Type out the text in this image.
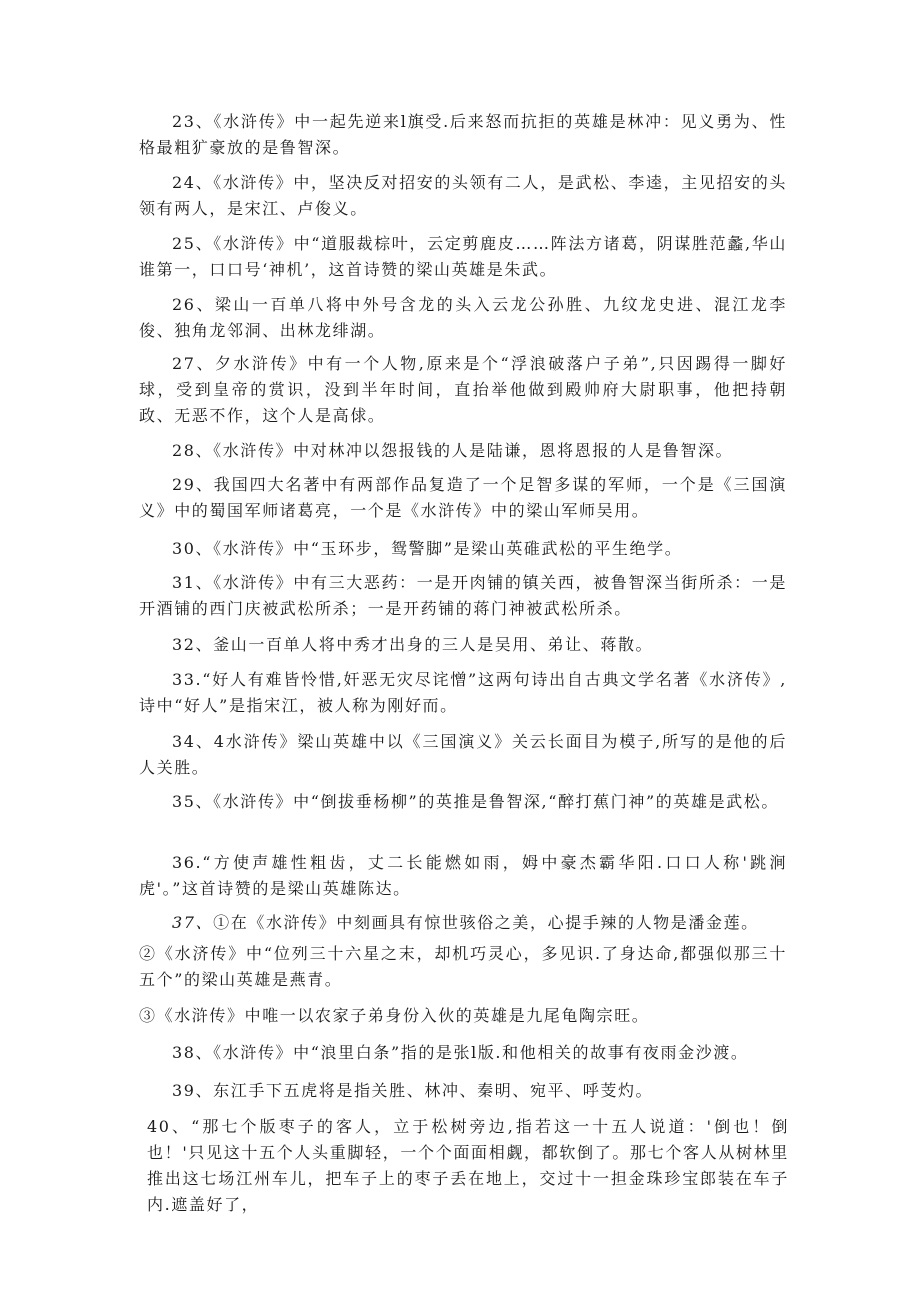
23、《水浒传》中一起先逆来l旗受.后来怒而抗拒的英雄是林冲：见义勇为、性格最粗犷豪放的是鲁智深。

24、《水浒传》中，坚决反对招安的头领有二人，是武松、李逵，主见招安的头领有两人，是宋江、卢俊义。

25、《水浒传》中“道服裁棕叶，云定剪鹿皮……阵法方诸葛，阴谋胜范蠡,华山谁第一，口口号‘神机’，这首诗赞的梁山英雄是朱武。

26、梁山一百单八将中外号含龙的头入云龙公孙胜、九纹龙史进、混江龙李俊、独角龙邻洞、出林龙绯湖。

27、夕水浒传》中有一个人物,原来是个“浮浪破落户子弟”,只因踢得一脚好球，受到皇帝的赏识，没到半年时间，直抬举他做到殿帅府大尉职事，他把持朝政、无恶不作，这个人是高俅。

28、《水浒传》中对林冲以怨报钱的人是陆谦，恩将恩报的人是鲁智深。

29、我国四大名著中有两部作品复造了一个足智多谋的军师，一个是《三国演义》中的蜀国军师诸葛亮，一个是《水浒传》中的梁山军师吴用。

30、《水浒传》中“玉环步，鸳警脚”是梁山英碓武松的平生绝学。

31、《水浒传》中有三大恶药：一是开肉铺的镇关西，被鲁智深当街所杀：一是开酒铺的西门庆被武松所杀；一是开药铺的蒋门神被武松所杀。

32、釜山一百单人将中秀才出身的三人是吴用、弟让、蒋散。

33.“好人有难皆怜惜,奸恶无灾尽诧憎”这两句诗出自古典文学名著《水济传》,诗中“好人”是指宋江，被人称为刚好而。

34、4水浒传》梁山英雄中以《三国演义》关云长面目为模子,所写的是他的后人关胜。

35、《水浒传》中“倒拔垂杨柳”的英推是鲁智深,“醉打蕉门神”的英雄是武松。

36.“方使声雄性粗齿，丈二长能燃如雨，姆中豪杰霸华阳.口口人称'跳涧虎'。”这首诗赞的是梁山英雄陈达。

37、①在《水浒传》中刻画具有惊世骇俗之美，心提手辣的人物是潘金莲。

②《水济传》中“位列三十六星之末，却机巧灵心，多见识.了身达命,都强似那三十五个”的梁山英雄是燕青。

③《水浒传》中唯一以农家子弟身份入伙的英雄是九尾龟陶宗旺。

38、《水浒传》中“浪里白条”指的是张l版.和他相关的故事有夜雨金沙渡。

39、东江手下五虎将是指关胜、林冲、秦明、宛平、呼芰灼。

40、“那七个版枣子的客人，立于松树旁边,指若这一十五人说道：'倒也！倒也！'只见这十五个人头重脚轻，一个个面面相觑，都软倒了。那七个客人从树林里推出这七场江州车儿，把车子上的枣子丢在地上，交过十一担金珠珍宝郎装在车子内.遮盖好了，
